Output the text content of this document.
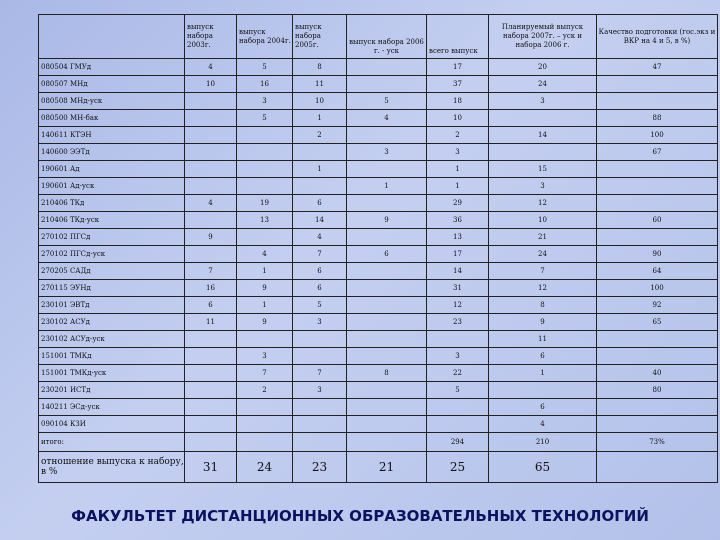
	выпуск набора 2003г.	выпуск набора 2004г.	выпуск набора 2005г.	выпуск набора 2006 г. - уск	всего выпуск	Планируемый выпуск набора 2007г. – уск и набора 2006 г.	Качество подготовки (гос.экз и ВКР на 4 и 5, в %)
080504 ГМУд	4	5	8		17	20	47
080507 МНд	10	16	11		37	24	
080508 МНд-уск		3	10	5	18	3	
080500 МН-бак		5	1	4	10		88
140611 КТЭН			2		2	14	100
140600 ЭЭТд				3	3		67
190601 Ад			1		1	15	
190601 Ад-уск				1	1	3	
210406 ТКд	4	19	6		29	12	
210406 ТКд-уск		13	14	9	36	10	60
270102 ПГСд	9		4		13	21	
270102 ПГСд-уск		4	7	6	17	24	90
270205 САДд	7	1	6		14	7	64
270115 ЭУНд	16	9	6		31	12	100
230101 ЭВТд	6	1	5		12	8	92
230102 АСУд	11	9	3		23	9	65
230102 АСУд-уск						11	
151001 ТМКд		3			3	6	
151001 ТМКд-уск		7	7	8	22	1	40
230201 ИСТд		2	3		5		80
140211 ЭСд-уск						6	
090104 КЗИ						4	
итого:					294	210	73%
отношение выпуска к набору, в %	31	24	23	21	25	65	
ФАКУЛЬТЕТ ДИСТАНЦИОННЫХ ОБРАЗОВАТЕЛЬНЫХ ТЕХНОЛОГИЙ
